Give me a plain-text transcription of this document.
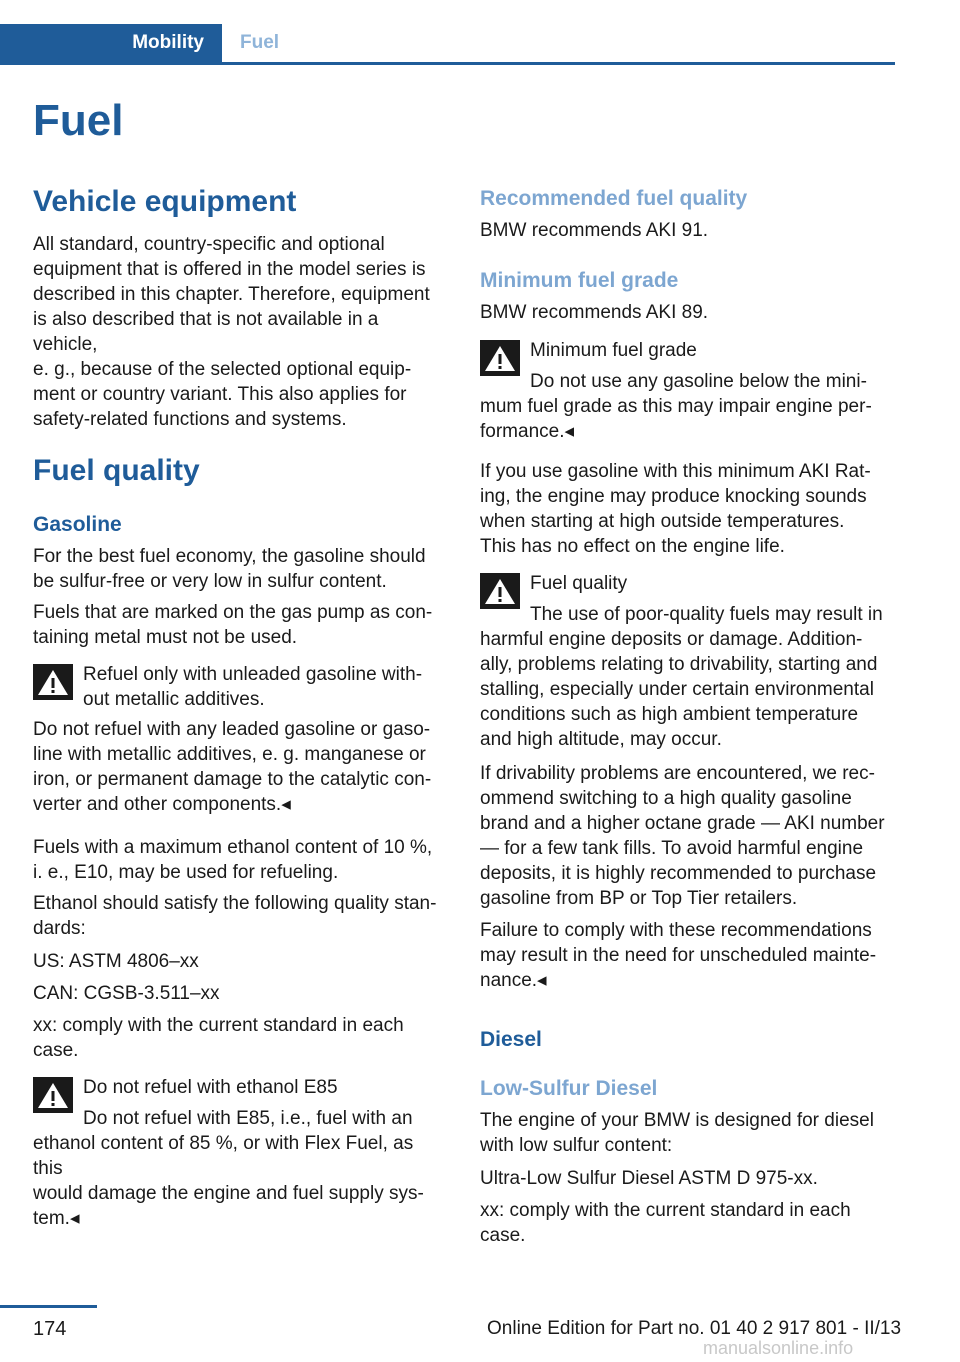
Mobility Fuel
Fuel
Vehicle equipment

All standard, country-specific and optional

equipment that is offered in the model series is

described in this chapter. Therefore, equipment

is also described that is not available in a vehicle,

e. g., because of the selected optional equip-

ment or country variant. This also applies for

safety-related functions and systems.

Fuel quality
Gasoline

For the best fuel economy, the gasoline should

be sulfur-free or very low in sulfur content.

Fuels that are marked on the gas pump as con-

taining metal must not be used.

Refuel only with unleaded gasoline with-

out metallic additives.

Do not refuel with any leaded gasoline or gaso-

line with metallic additives, e. g. manganese or

iron, or permanent damage to the catalytic con-

verter and other components.◂

Fuels with a maximum ethanol content of 10 %,

i. e., E10, may be used for refueling.

Ethanol should satisfy the following quality stan-

dards:

US: ASTM 4806–xx

CAN: CGSB-3.511–xx

xx: comply with the current standard in each

case.

Do not refuel with ethanol E85

Do not refuel with E85, i.e., fuel with an

ethanol content of 85 %, or with Flex Fuel, as this

would damage the engine and fuel supply sys-

tem.◂

Recommended fuel quality

BMW recommends AKI 91.

Minimum fuel grade

BMW recommends AKI 89.

Minimum fuel grade

Do not use any gasoline below the mini-

mum fuel grade as this may impair engine per-

formance.◂

If you use gasoline with this minimum AKI Rat-

ing, the engine may produce knocking sounds

when starting at high outside temperatures.

This has no effect on the engine life.

Fuel quality

The use of poor-quality fuels may result in

harmful engine deposits or damage. Addition-

ally, problems relating to drivability, starting and

stalling, especially under certain environmental

conditions such as high ambient temperature

and high altitude, may occur.

If drivability problems are encountered, we rec-

ommend switching to a high quality gasoline

brand and a higher octane grade — AKI number

— for a few tank fills. To avoid harmful engine

deposits, it is highly recommended to purchase

gasoline from BP or Top Tier retailers.

Failure to comply with these recommendations

may result in the need for unscheduled mainte-

nance.◂

Diesel
Low-Sulfur Diesel

The engine of your BMW is designed for diesel

with low sulfur content:

Ultra-Low Sulfur Diesel ASTM D 975-xx.

xx: comply with the current standard in each

case.

174	Online Edition for Part no. 01 40 2 917 801 - II/13
manualsonline.info
